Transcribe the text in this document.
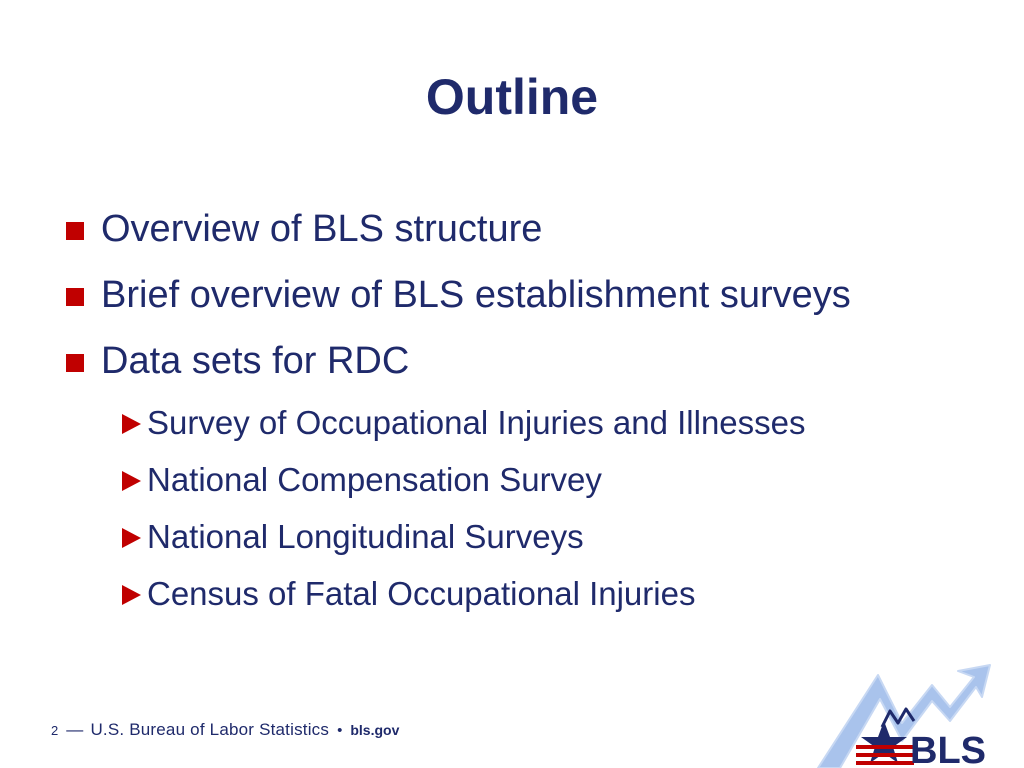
Outline
Overview of BLS structure
Brief overview of BLS establishment surveys
Data sets for RDC
Survey of Occupational Injuries and Illnesses
National Compensation Survey
National Longitudinal Surveys
Census of Fatal Occupational Injuries
2 — U.S. Bureau of Labor Statistics • bls.gov	BLS
